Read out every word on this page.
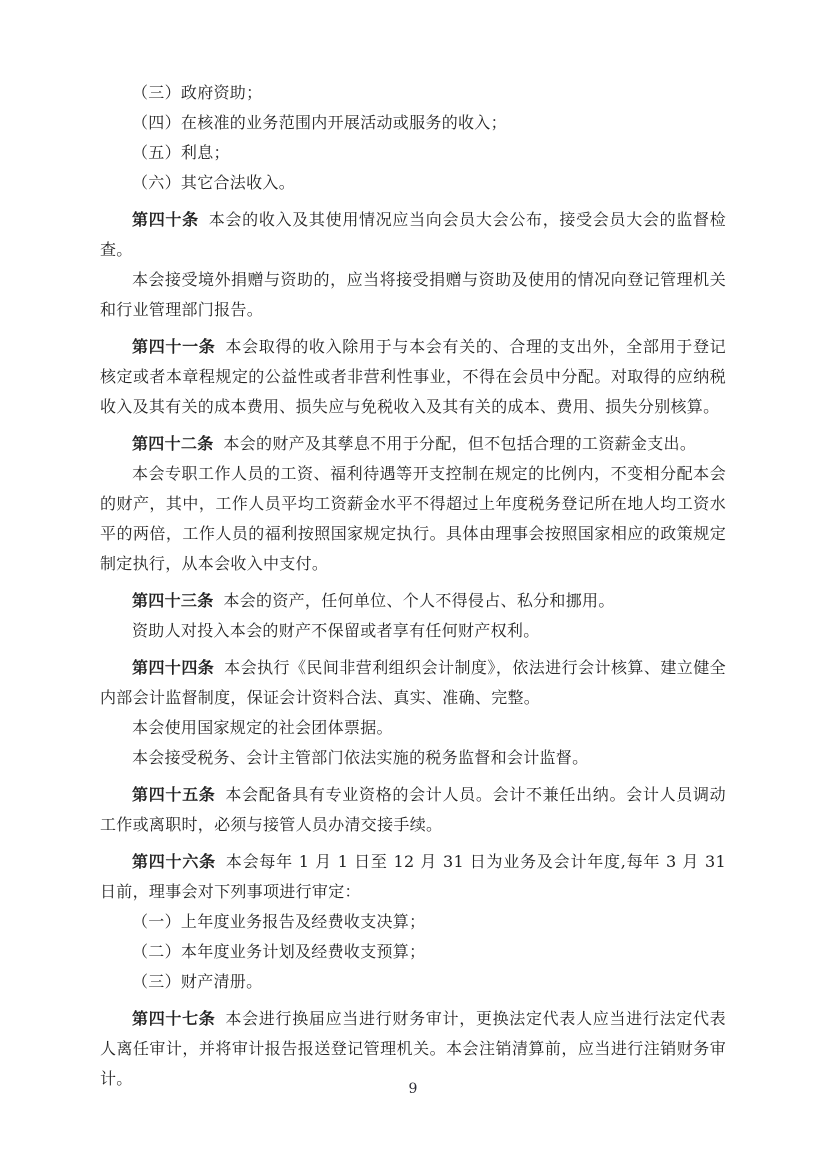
（三）政府资助；
（四）在核准的业务范围内开展活动或服务的收入；
（五）利息；
（六）其它合法收入。
第四十条 本会的收入及其使用情况应当向会员大会公布，接受会员大会的监督检查。
本会接受境外捐赠与资助的，应当将接受捐赠与资助及使用的情况向登记管理机关和行业管理部门报告。
第四十一条 本会取得的收入除用于与本会有关的、合理的支出外，全部用于登记核定或者本章程规定的公益性或者非营利性事业，不得在会员中分配。对取得的应纳税收入及其有关的成本费用、损失应与免税收入及其有关的成本、费用、损失分别核算。
第四十二条 本会的财产及其孳息不用于分配，但不包括合理的工资薪金支出。
本会专职工作人员的工资、福利待遇等开支控制在规定的比例内，不变相分配本会的财产，其中，工作人员平均工资薪金水平不得超过上年度税务登记所在地人均工资水平的两倍，工作人员的福利按照国家规定执行。具体由理事会按照国家相应的政策规定制定执行，从本会收入中支付。
第四十三条 本会的资产，任何单位、个人不得侵占、私分和挪用。
资助人对投入本会的财产不保留或者享有任何财产权利。
第四十四条 本会执行《民间非营利组织会计制度》，依法进行会计核算、建立健全内部会计监督制度，保证会计资料合法、真实、准确、完整。
本会使用国家规定的社会团体票据。
本会接受税务、会计主管部门依法实施的税务监督和会计监督。
第四十五条 本会配备具有专业资格的会计人员。会计不兼任出纳。会计人员调动工作或离职时，必须与接管人员办清交接手续。
第四十六条 本会每年 1 月 1 日至 12 月 31 日为业务及会计年度,每年 3 月 31 日前，理事会对下列事项进行审定：
（一）上年度业务报告及经费收支决算；
（二）本年度业务计划及经费收支预算；
（三）财产清册。
第四十七条 本会进行换届应当进行财务审计，更换法定代表人应当进行法定代表人离任审计，并将审计报告报送登记管理机关。本会注销清算前，应当进行注销财务审计。
9
